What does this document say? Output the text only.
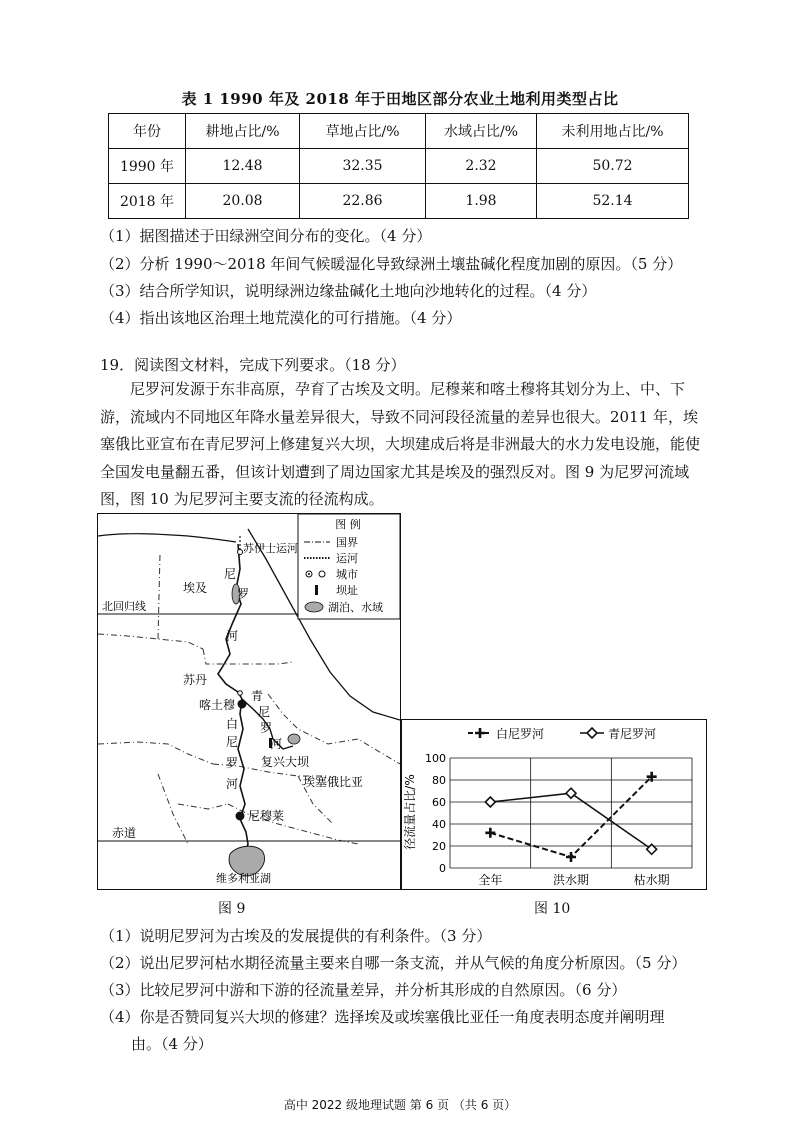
表 1 1990 年及 2018 年于田地区部分农业土地利用类型占比
年份	耕地占比/%	草地占比/%	水域占比/%	未利用地占比/%
1990 年	12.48	32.35	2.32	50.72
2018 年	20.08	22.86	1.98	52.14
（1）据图描述于田绿洲空间分布的变化。（4 分）
（2）分析 1990～2018 年间气候暖湿化导致绿洲土壤盐碱化程度加剧的原因。（5 分）
（3）结合所学知识，说明绿洲边缘盐碱化土地向沙地转化的过程。（4 分）
（4）指出该地区治理土地荒漠化的可行措施。（4 分）
19．阅读图文材料，完成下列要求。（18 分）
尼罗河发源于东非高原，孕育了古埃及文明。尼穆莱和喀土穆将其划分为上、中、下游，流域内不同地区年降水量差异很大，导致不同河段径流量的差异也很大。2011 年，埃塞俄比亚宣布在青尼罗河上修建复兴大坝，大坝建成后将是非洲最大的水力发电设施，能使全国发电量翻五番，但该计划遭到了周边国家尤其是埃及的强烈反对。图 9 为尼罗河流域图，图 10 为尼罗河主要支流的径流构成。
图 例
国界
运河
城市
坝址
湖泊、水域
苏伊士运河
埃及
尼
罗
河
北回归线
苏丹
喀土穆
白
尼
罗
河
青
尼
罗
河
复兴大坝
埃塞俄比亚
尼穆莱
赤道
维多利亚湖
图 9
白尼罗河	青尼罗河
0
20
40
60
80
100
全年	洪水期	枯水期
径流量占比/%
图 10
（1）说明尼罗河为古埃及的发展提供的有利条件。（3 分）
（2）说出尼罗河枯水期径流量主要来自哪一条支流，并从气候的角度分析原因。（5 分）
（3）比较尼罗河中游和下游的径流量差异，并分析其形成的自然原因。（6 分）
（4）你是否赞同复兴大坝的修建？选择埃及或埃塞俄比亚任一角度表明态度并阐明理
由。（4 分）
高中 2022 级地理试题 第 6 页 （共 6 页）
